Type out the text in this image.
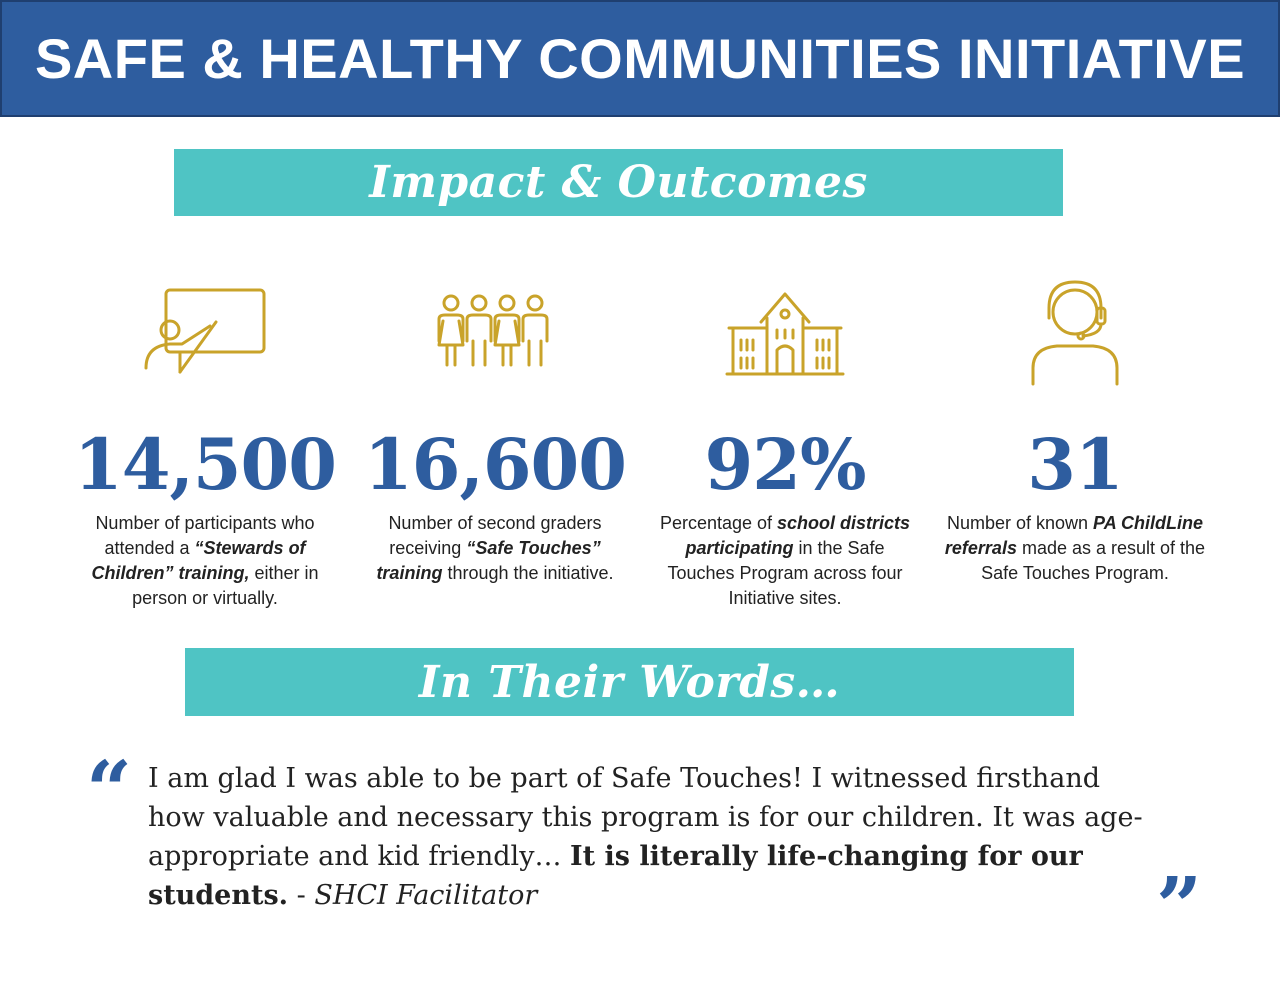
SAFE & HEALTHY COMMUNITIES INITIATIVE
Impact & Outcomes
14,500
Number of participants who attended a “Stewards of Children” training, either in person or virtually.
16,600
Number of second graders receiving “Safe Touches” training through the initiative.
92%
Percentage of school districts participating in the Safe Touches Program across four Initiative sites.
31
Number of known PA ChildLine referrals made as a result of the Safe Touches Program.
In Their Words…
“ I am glad I was able to be part of Safe Touches! I witnessed firsthand how valuable and necessary this program is for our children. It was age-appropriate and kid friendly… It is literally life-changing for our students. - SHCI Facilitator	”
